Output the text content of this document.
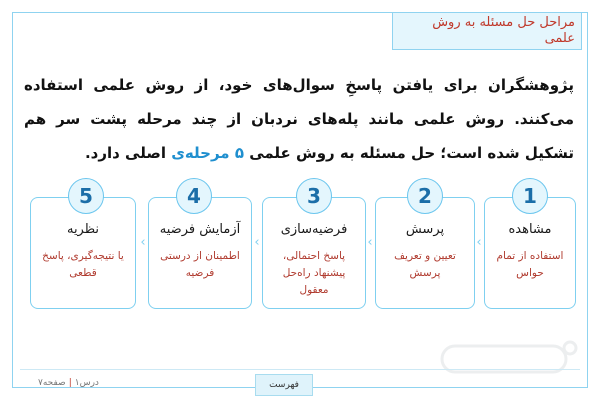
مراحل حل مسئله به روش علمی
پژوهشگران برای یافتن پاسخِ سوال‌های خود، از روش علمی استفاده می‌کنند. روش علمی مانند پله‌های نردبان از چند مرحله پشت سر هم تشکیل شده است؛ حل مسئله به روش علمی ۵ مرحله‌ی اصلی دارد.
مشاهده
استفاده از تمام حواس
1
پرسش
تعیین و تعریف پرسش
2
فرضیه‌سازی
پاسخ احتمالی، پیشنهاد راه‌حل معقول
3
آزمایش فرضیه
اطمینان از درستی فرضیه
4
نظریه
یا نتیجه‌گیری، پاسخ قطعی
5
‹
‹
‹
‹
فهرست
درس۱|صفحه۷
